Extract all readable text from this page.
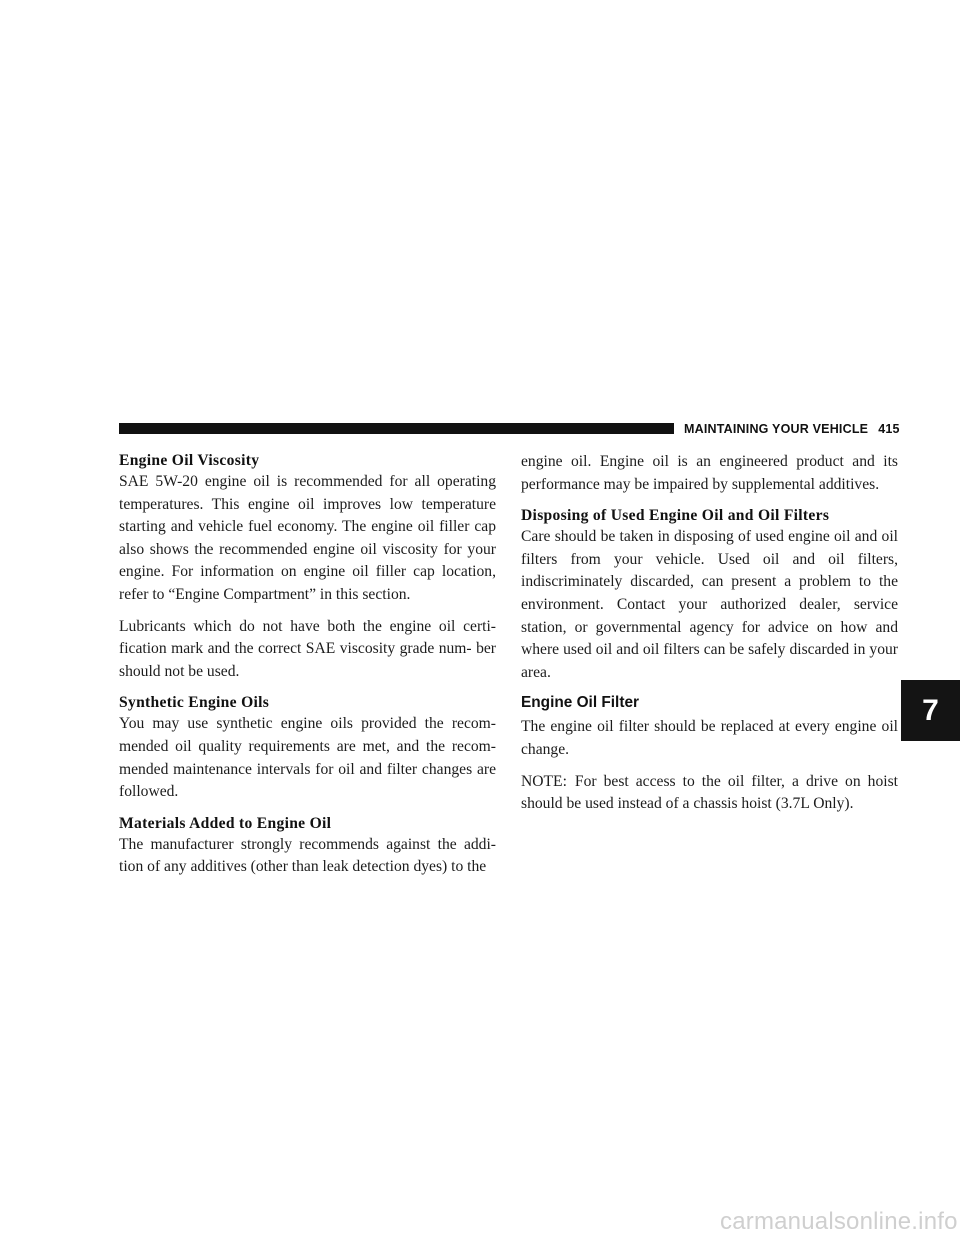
MAINTAINING YOUR VEHICLE 415
Engine Oil Viscosity

SAE 5W-20 engine oil is recommended for all operating temperatures. This engine oil improves low temperature starting and vehicle fuel economy. The engine oil filler cap also shows the recommended engine oil viscosity for your engine. For information on engine oil filler cap location, refer to “Engine Compartment” in this section.

Lubricants which do not have both the engine oil certi- fication mark and the correct SAE viscosity grade num- ber should not be used.

Synthetic Engine Oils

You may use synthetic engine oils provided the recom- mended oil quality requirements are met, and the recom- mended maintenance intervals for oil and filter changes are followed.

Materials Added to Engine Oil

The manufacturer strongly recommends against the addi- tion of any additives (other than leak detection dyes) to the

engine oil. Engine oil is an engineered product and its performance may be impaired by supplemental additives.

Disposing of Used Engine Oil and Oil Filters

Care should be taken in disposing of used engine oil and oil filters from your vehicle. Used oil and oil filters, indiscriminately discarded, can present a problem to the environment. Contact your authorized dealer, service station, or governmental agency for advice on how and where used oil and oil filters can be safely discarded in your area.

Engine Oil Filter

The engine oil filter should be replaced at every engine oil change.

NOTE: For best access to the oil filter, a drive on hoist should be used instead of a chassis hoist (3.7L Only).

7
carmanualsonline.info
